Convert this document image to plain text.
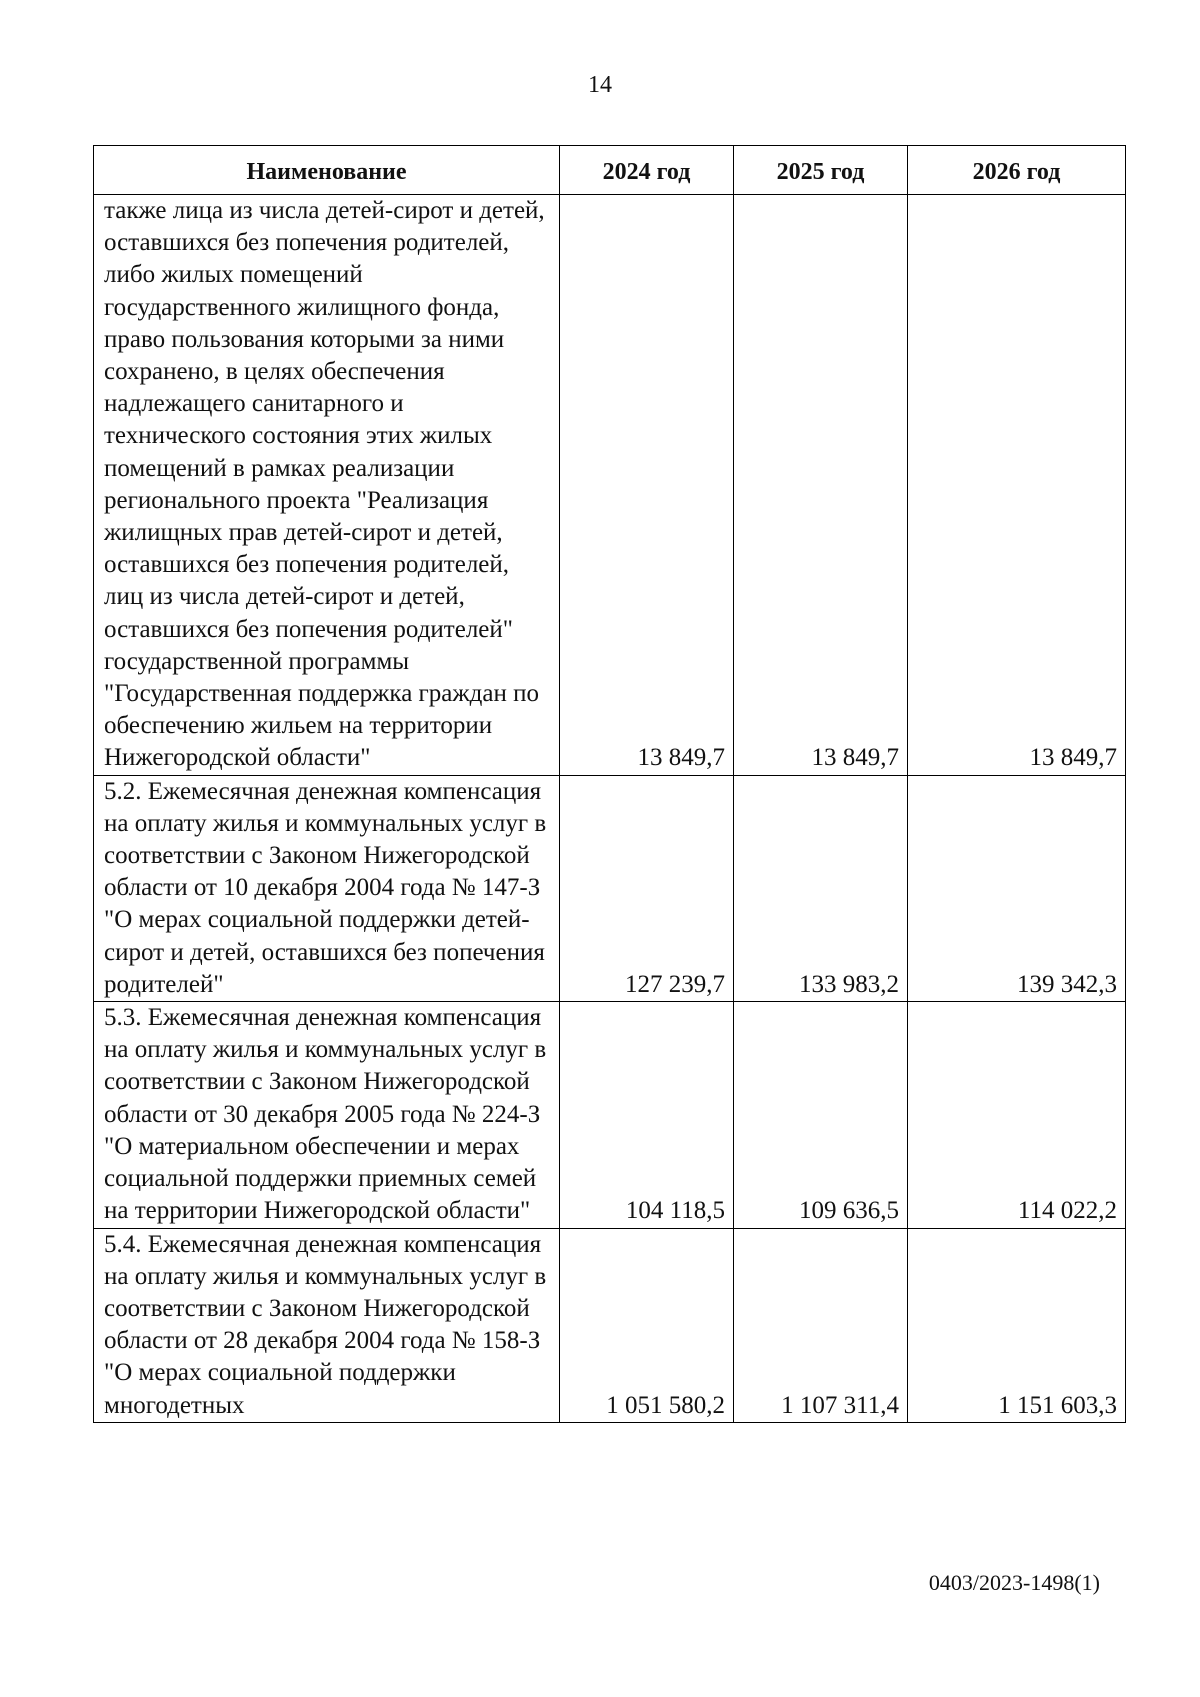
14
Наименование	2024 год	2025 год	2026 год
также лица из числа детей-сирот и детей, оставшихся без попечения родителей, либо жилых помещений государственного жилищного фонда, право пользования которыми за ними сохранено, в целях обеспечения надлежащего санитарного и технического состояния этих жилых помещений в рамках реализации регионального проекта "Реализация жилищных прав детей-сирот и детей, оставшихся без попечения родителей, лиц из числа детей-сирот и детей, оставшихся без попечения родителей" государственной программы "Государственная поддержка граждан по обеспечению жильем на территории Нижегородской области"	13 849,7	13 849,7	13 849,7
5.2. Ежемесячная денежная компенсация на оплату жилья и коммунальных услуг в соответствии с Законом Нижегородской области от 10 декабря 2004 года № 147-З "О мерах социальной поддержки детей-сирот и детей, оставшихся без попечения родителей"	127 239,7	133 983,2	139 342,3
5.3. Ежемесячная денежная компенсация на оплату жилья и коммунальных услуг в соответствии с Законом Нижегородской области от 30 декабря 2005 года № 224-З "О материальном обеспечении и мерах социальной поддержки приемных семей на территории Нижегородской области"	104 118,5	109 636,5	114 022,2
5.4. Ежемесячная денежная компенсация на оплату жилья и коммунальных услуг в соответствии с Законом Нижегородской области от 28 декабря 2004 года № 158-З "О мерах социальной поддержки многодетных	1 051 580,2	1 107 311,4	1 151 603,3
0403/2023-1498(1)
